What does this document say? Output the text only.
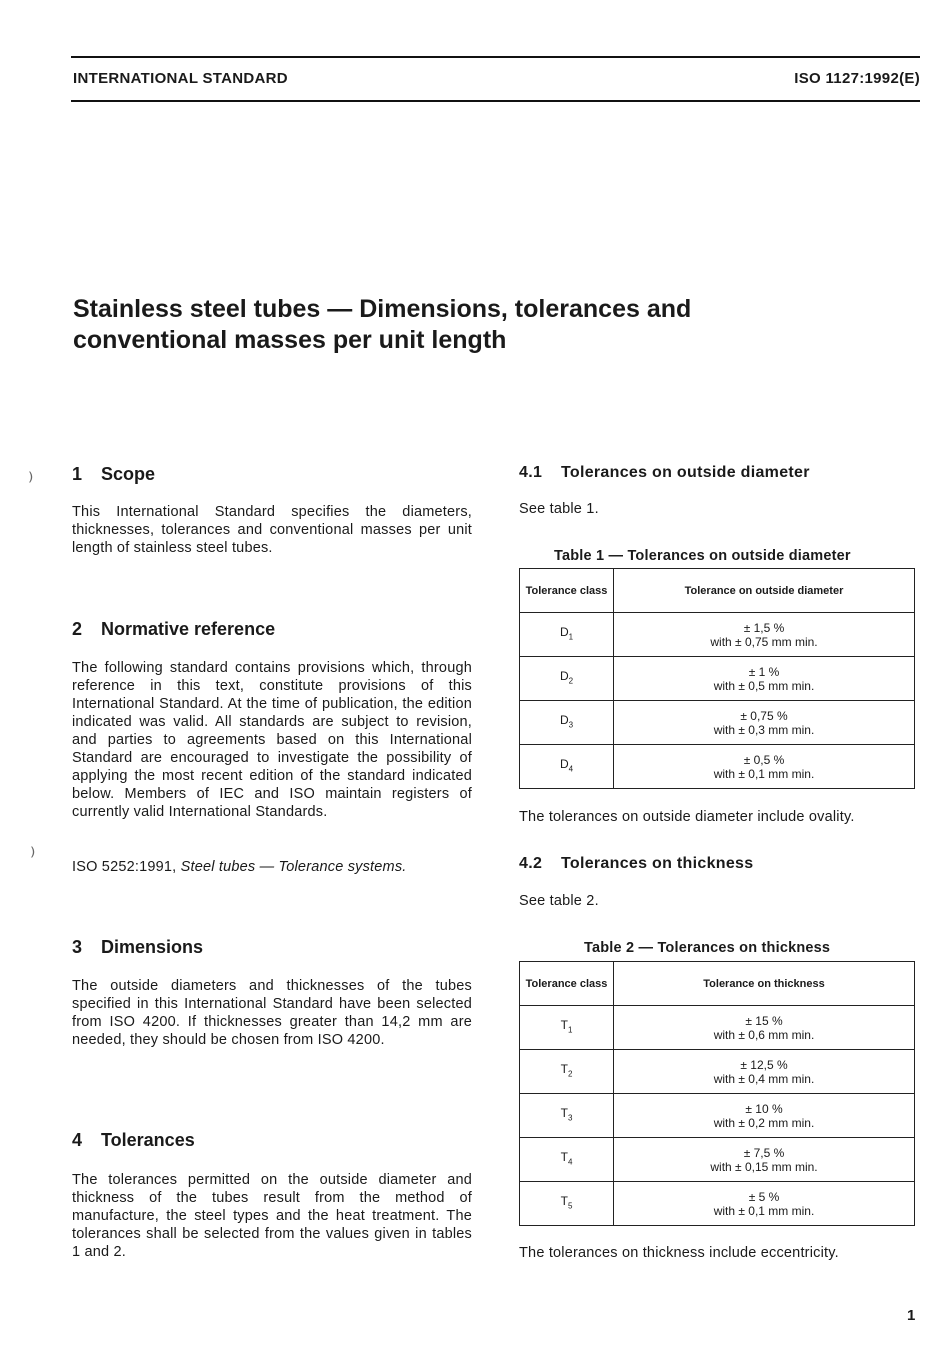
INTERNATIONAL STANDARD	ISO 1127:1992(E)
Stainless steel tubes — Dimensions, tolerances and conventional masses per unit length
⁾
⁾
1 Scope

This International Standard specifies the diameters, thicknesses, tolerances and conventional masses per unit length of stainless steel tubes.

2 Normative reference

The following standard contains provisions which, through reference in this text, constitute provisions of this International Standard. At the time of publication, the edition indicated was valid. All standards are subject to revision, and parties to agreements based on this International Standard are encouraged to investigate the possibility of applying the most recent edition of the standard indicated below. Members of IEC and ISO maintain registers of currently valid International Standards.

ISO 5252:1991, Steel tubes — Tolerance systems.

3 Dimensions

The outside diameters and thicknesses of the tubes specified in this International Standard have been selected from ISO 4200. If thicknesses greater than 14,2 mm are needed, they should be chosen from ISO 4200.

4 Tolerances

The tolerances permitted on the outside diameter and thickness of the tubes result from the method of manufacture, the steel types and the heat treatment. The tolerances shall be selected from the values given in tables 1 and 2.

4.1 Tolerances on outside diameter

See table 1.

Table 1 — Tolerances on outside diameter

Tolerance class	Tolerance on outside diameter
$D_1$	± 1,5 %
with ± 0,75 mm min.

$D_2$	± 1 %
with ± 0,5 mm min.

$D_3$	± 0,75 %
with ± 0,3 mm min.

$D_4$	± 0,5 %
with ± 0,1 mm min.

The tolerances on outside diameter include ovality.

4.2 Tolerances on thickness

See table 2.

Table 2 — Tolerances on thickness

Tolerance class	Tolerance on thickness
$T_1$	± 15 %
with ± 0,6 mm min.

$T_2$	± 12,5 %
with ± 0,4 mm min.

$T_3$	± 10 %
with ± 0,2 mm min.

$T_4$	± 7,5 %
with ± 0,15 mm min.

$T_5$	± 5 %
with ± 0,1 mm min.

The tolerances on thickness include eccentricity.

1
